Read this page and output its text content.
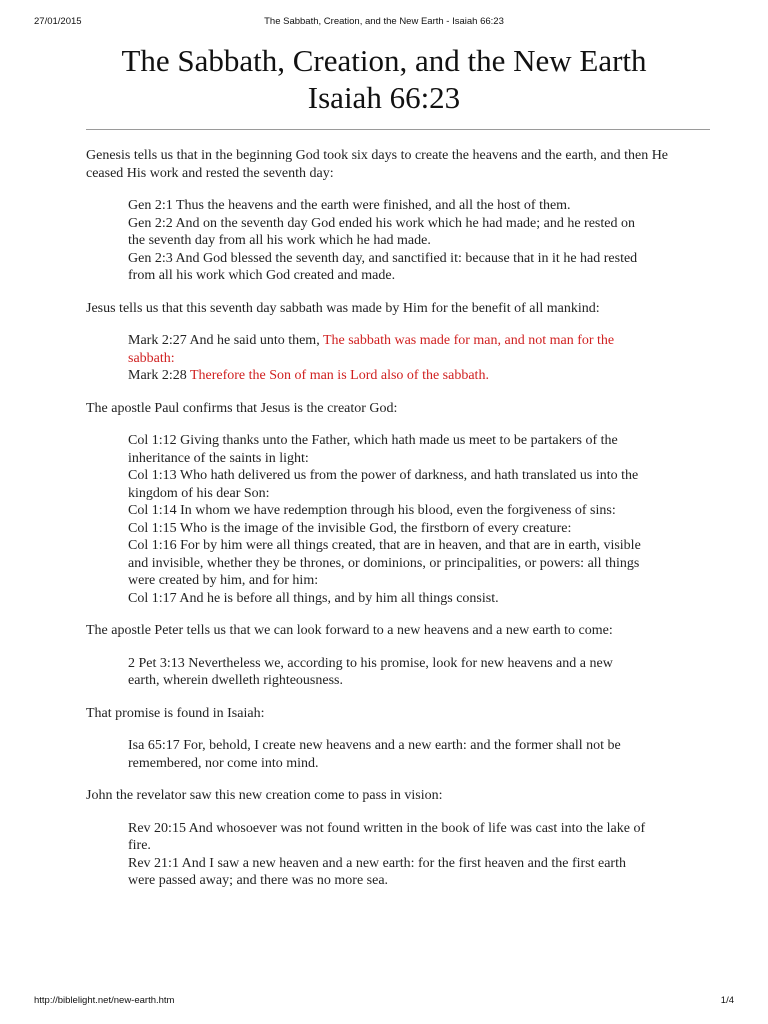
27/01/2015	The Sabbath, Creation, and the New Earth - Isaiah 66:23
The Sabbath, Creation, and the New Earth
Isaiah 66:23

Genesis tells us that in the beginning God took six days to create the heavens and the earth, and then He ceased His work and rested the seventh day:

Gen 2:1 Thus the heavens and the earth were finished, and all the host of them.
Gen 2:2 And on the seventh day God ended his work which he had made; and he rested on the seventh day from all his work which he had made.
Gen 2:3 And God blessed the seventh day, and sanctified it: because that in it he had rested from all his work which God created and made.

Jesus tells us that this seventh day sabbath was made by Him for the benefit of all mankind:

Mark 2:27 And he said unto them, The sabbath was made for man, and not man for the sabbath:
Mark 2:28 Therefore the Son of man is Lord also of the sabbath.

The apostle Paul confirms that Jesus is the creator God:

Col 1:12 Giving thanks unto the Father, which hath made us meet to be partakers of the inheritance of the saints in light:
Col 1:13 Who hath delivered us from the power of darkness, and hath translated us into the kingdom of his dear Son:
Col 1:14 In whom we have redemption through his blood, even the forgiveness of sins:
Col 1:15 Who is the image of the invisible God, the firstborn of every creature:
Col 1:16 For by him were all things created, that are in heaven, and that are in earth, visible and invisible, whether they be thrones, or dominions, or principalities, or powers: all things were created by him, and for him:
Col 1:17 And he is before all things, and by him all things consist.

The apostle Peter tells us that we can look forward to a new heavens and a new earth to come:

2 Pet 3:13 Nevertheless we, according to his promise, look for new heavens and a new earth, wherein dwelleth righteousness.

That promise is found in Isaiah:

Isa 65:17 For, behold, I create new heavens and a new earth: and the former shall not be remembered, nor come into mind.

John the revelator saw this new creation come to pass in vision:

Rev 20:15 And whosoever was not found written in the book of life was cast into the lake of fire.
Rev 21:1 And I saw a new heaven and a new earth: for the first heaven and the first earth were passed away; and there was no more sea.
http://biblelight.net/new-earth.htm	1/4
